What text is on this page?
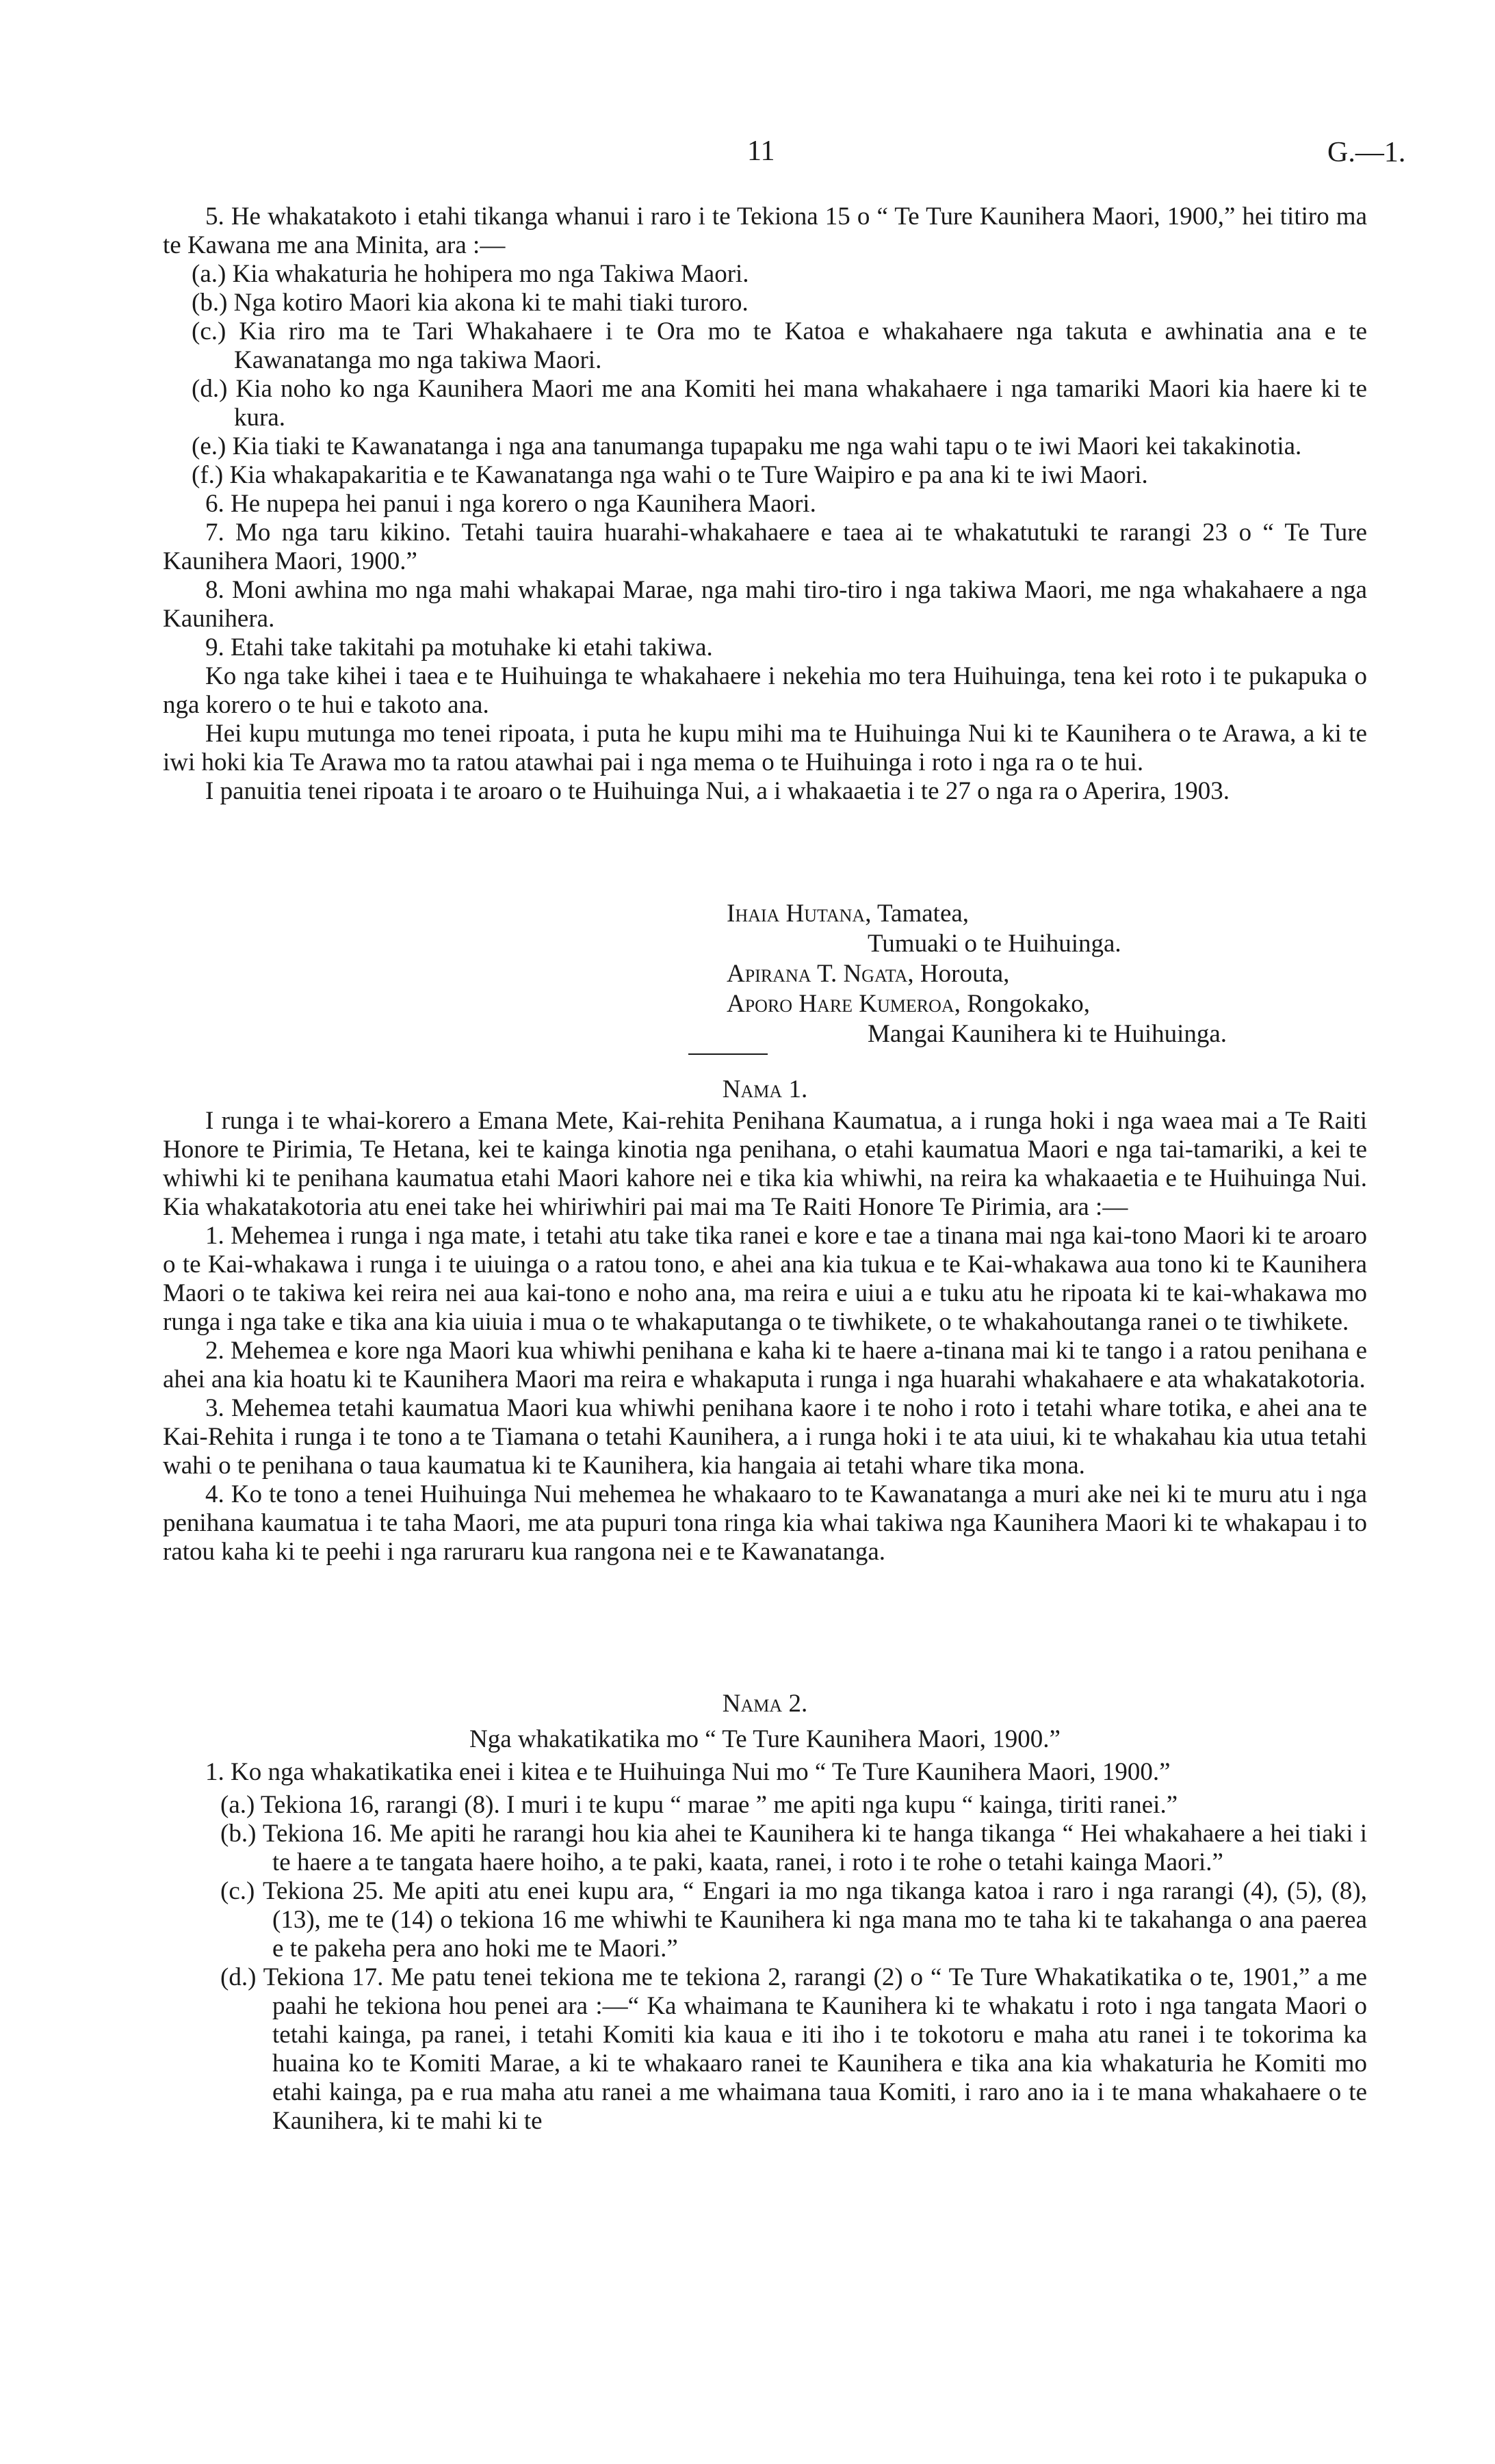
11	G.—1.

5. He whakatakoto i etahi tikanga whanui i raro i te Tekiona 15 o “ Te Ture Kaunihera Maori, 1900,” hei titiro ma te Kawana me ana Minita, ara :—

(a.) Kia whakaturia he hohipera mo nga Takiwa Maori.

(b.) Nga kotiro Maori kia akona ki te mahi tiaki turoro.

(c.) Kia riro ma te Tari Whakahaere i te Ora mo te Katoa e whakahaere nga takuta e awhinatia ana e te Kawanatanga mo nga takiwa Maori.

(d.) Kia noho ko nga Kaunihera Maori me ana Komiti hei mana whakahaere i nga tamariki Maori kia haere ki te kura.

(e.) Kia tiaki te Kawanatanga i nga ana tanumanga tupapaku me nga wahi tapu o te iwi Maori kei takakinotia.

(f.) Kia whakapakaritia e te Kawanatanga nga wahi o te Ture Waipiro e pa ana ki te iwi Maori.

6. He nupepa hei panui i nga korero o nga Kaunihera Maori.

7. Mo nga taru kikino. Tetahi tauira huarahi-whakahaere e taea ai te whakatutuki te rarangi 23 o “ Te Ture Kaunihera Maori, 1900.”

8. Moni awhina mo nga mahi whakapai Marae, nga mahi tiro-tiro i nga takiwa Maori, me nga whakahaere a nga Kaunihera.

9. Etahi take takitahi pa motuhake ki etahi takiwa.

Ko nga take kihei i taea e te Huihuinga te whakahaere i nekehia mo tera Huihuinga, tena kei roto i te pukapuka o nga korero o te hui e takoto ana.

Hei kupu mutunga mo tenei ripoata, i puta he kupu mihi ma te Huihuinga Nui ki te Kaunihera o te Arawa, a ki te iwi hoki kia Te Arawa mo ta ratou atawhai pai i nga mema o te Huihuinga i roto i nga ra o te hui.

I panuitia tenei ripoata i te aroaro o te Huihuinga Nui, a i whakaaetia i te 27 o nga ra o Aperira, 1903.

Ihaia Hutana, Tamatea,
Tumuaki o te Huihuinga.
Apirana T. Ngata, Horouta,
Aporo Hare Kumeroa, Rongokako,
Mangai Kaunihera ki te Huihuinga.

Nama 1.

I runga i te whai-korero a Emana Mete, Kai-rehita Penihana Kaumatua, a i runga hoki i nga waea mai a Te Raiti Honore te Pirimia, Te Hetana, kei te kainga kinotia nga penihana, o etahi kaumatua Maori e nga tai-tamariki, a kei te whiwhi ki te penihana kaumatua etahi Maori kahore nei e tika kia whiwhi, na reira ka whakaaetia e te Huihuinga Nui. Kia whakatakotoria atu enei take hei whiriwhiri pai mai ma Te Raiti Honore Te Pirimia, ara :—

1. Mehemea i runga i nga mate, i tetahi atu take tika ranei e kore e tae a tinana mai nga kai-tono Maori ki te aroaro o te Kai-whakawa i runga i te uiuinga o a ratou tono, e ahei ana kia tukua e te Kai-whakawa aua tono ki te Kaunihera Maori o te takiwa kei reira nei aua kai-tono e noho ana, ma reira e uiui a e tuku atu he ripoata ki te kai-whakawa mo runga i nga take e tika ana kia uiuia i mua o te whakaputanga o te tiwhikete, o te whakahoutanga ranei o te tiwhikete.

2. Mehemea e kore nga Maori kua whiwhi penihana e kaha ki te haere a-tinana mai ki te tango i a ratou penihana e ahei ana kia hoatu ki te Kaunihera Maori ma reira e whakaputa i runga i nga huarahi whakahaere e ata whakatakotoria.

3. Mehemea tetahi kaumatua Maori kua whiwhi penihana kaore i te noho i roto i tetahi whare totika, e ahei ana te Kai-Rehita i runga i te tono a te Tiamana o tetahi Kaunihera, a i runga hoki i te ata uiui, ki te whakahau kia utua tetahi wahi o te penihana o taua kaumatua ki te Kaunihera, kia hangaia ai tetahi whare tika mona.

4. Ko te tono a tenei Huihuinga Nui mehemea he whakaaro to te Kawanatanga a muri ake nei ki te muru atu i nga penihana kaumatua i te taha Maori, me ata pupuri tona ringa kia whai takiwa nga Kaunihera Maori ki te whakapau i to ratou kaha ki te peehi i nga raruraru kua rangona nei e te Kawanatanga.

Nama 2.

Nga whakatikatika mo “ Te Ture Kaunihera Maori, 1900.”

1. Ko nga whakatikatika enei i kitea e te Huihuinga Nui mo “ Te Ture Kaunihera Maori, 1900.”

(a.) Tekiona 16, rarangi (8). I muri i te kupu “ marae ” me apiti nga kupu “ kainga, tiriti ranei.”

(b.) Tekiona 16. Me apiti he rarangi hou kia ahei te Kaunihera ki te hanga tikanga “ Hei whakahaere a hei tiaki i te haere a te tangata haere hoiho, a te paki, kaata, ranei, i roto i te rohe o tetahi kainga Maori.”

(c.) Tekiona 25. Me apiti atu enei kupu ara, “ Engari ia mo nga tikanga katoa i raro i nga rarangi (4), (5), (8), (13), me te (14) o tekiona 16 me whiwhi te Kaunihera ki nga mana mo te taha ki te takahanga o ana paerea e te pakeha pera ano hoki me te Maori.”

(d.) Tekiona 17. Me patu tenei tekiona me te tekiona 2, rarangi (2) o “ Te Ture Whakatikatika o te, 1901,” a me paahi he tekiona hou penei ara :—“ Ka whaimana te Kaunihera ki te whakatu i roto i nga tangata Maori o tetahi kainga, pa ranei, i tetahi Komiti kia kaua e iti iho i te tokotoru e maha atu ranei i te tokorima ka huaina ko te Komiti Marae, a ki te whakaaro ranei te Kaunihera e tika ana kia whakaturia he Komiti mo etahi kainga, pa e rua maha atu ranei a me whaimana taua Komiti, i raro ano ia i te mana whakahaere o te Kaunihera, ki te mahi ki te
